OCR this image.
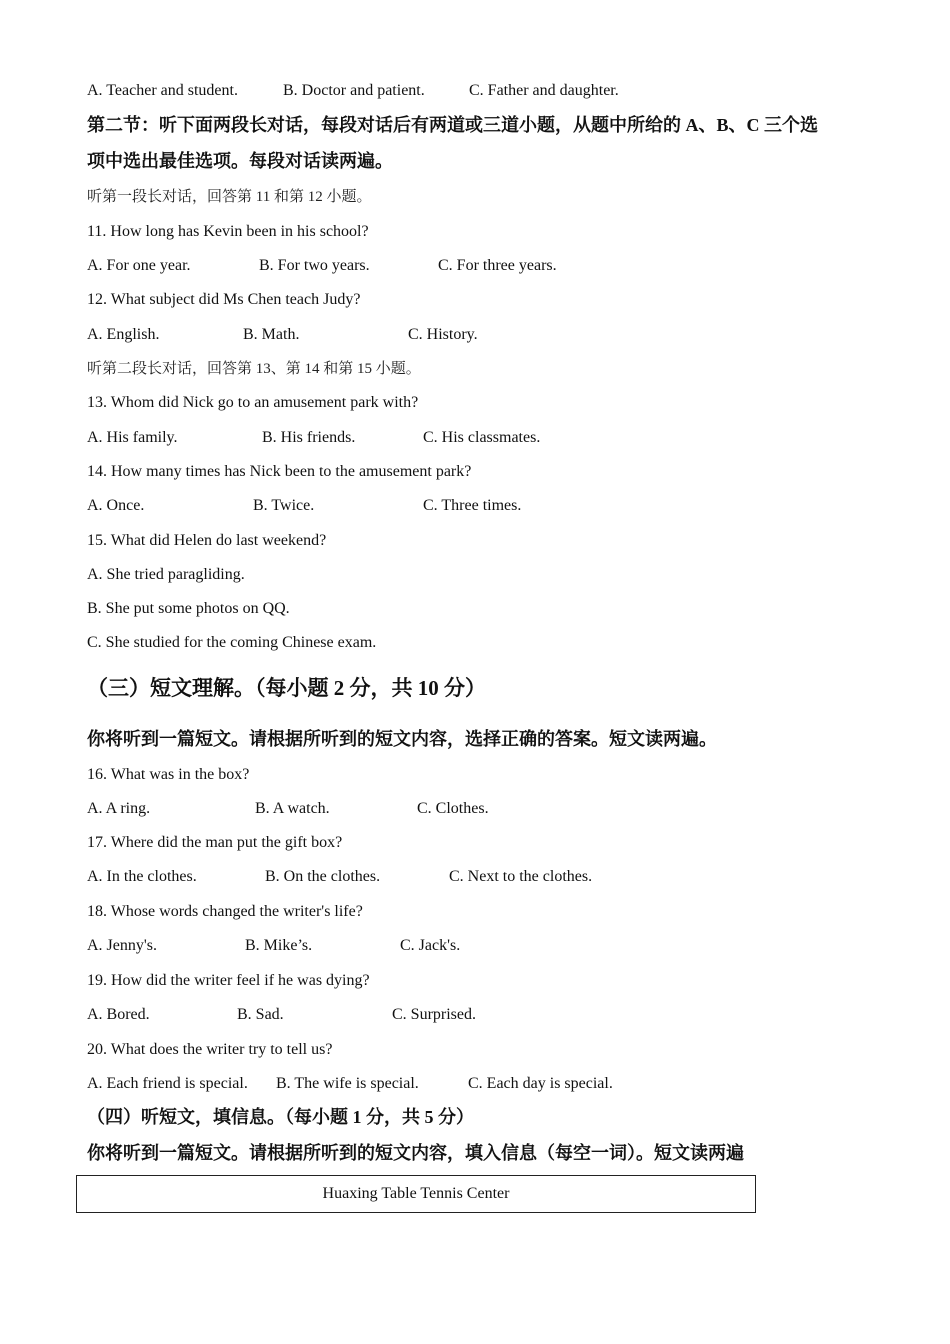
A. Teacher and student.	B. Doctor and patient.	C. Father and daughter.
第二节：听下面两段长对话，每段对话后有两道或三道小题，从题中所给的 A、B、C 三个选
项中选出最佳选项。每段对话读两遍。
听第一段长对话，回答第 11 和第 12 小题。
11. How long has Kevin been in his school?
A. For one year.	B. For two years.	C. For three years.
12. What subject did Ms Chen teach Judy?
A. English.	B. Math.	C. History.
听第二段长对话，回答第 13、第 14 和第 15 小题。
13. Whom did Nick go to an amusement park with?
A. His family.	B. His friends.	C. His classmates.
14. How many times has Nick been to the amusement park?
A. Once.	B. Twice.	C. Three times.
15. What did Helen do last weekend?
A. She tried paragliding.
B. She put some photos on QQ.
C. She studied for the coming Chinese exam.
（三）短文理解。（每小题 2 分，共 10 分）
你将听到一篇短文。请根据所听到的短文内容，选择正确的答案。短文读两遍。
16. What was in the box?
A. A ring.	B. A watch.	C. Clothes.
17. Where did the man put the gift box?
A. In the clothes.	B. On the clothes.	C. Next to the clothes.
18. Whose words changed the writer's life?
A. Jenny's.	B. Mike’s.	C. Jack's.
19. How did the writer feel if he was dying?
A. Bored.	B. Sad.	C. Surprised.
20. What does the writer try to tell us?
A. Each friend is special. B. The wife is special.	C. Each day is special.
（四）听短文，填信息。（每小题 1 分，共 5 分）
你将听到一篇短文。请根据所听到的短文内容，填入信息（每空一词）。短文读两遍
Huaxing Table Tennis Center
